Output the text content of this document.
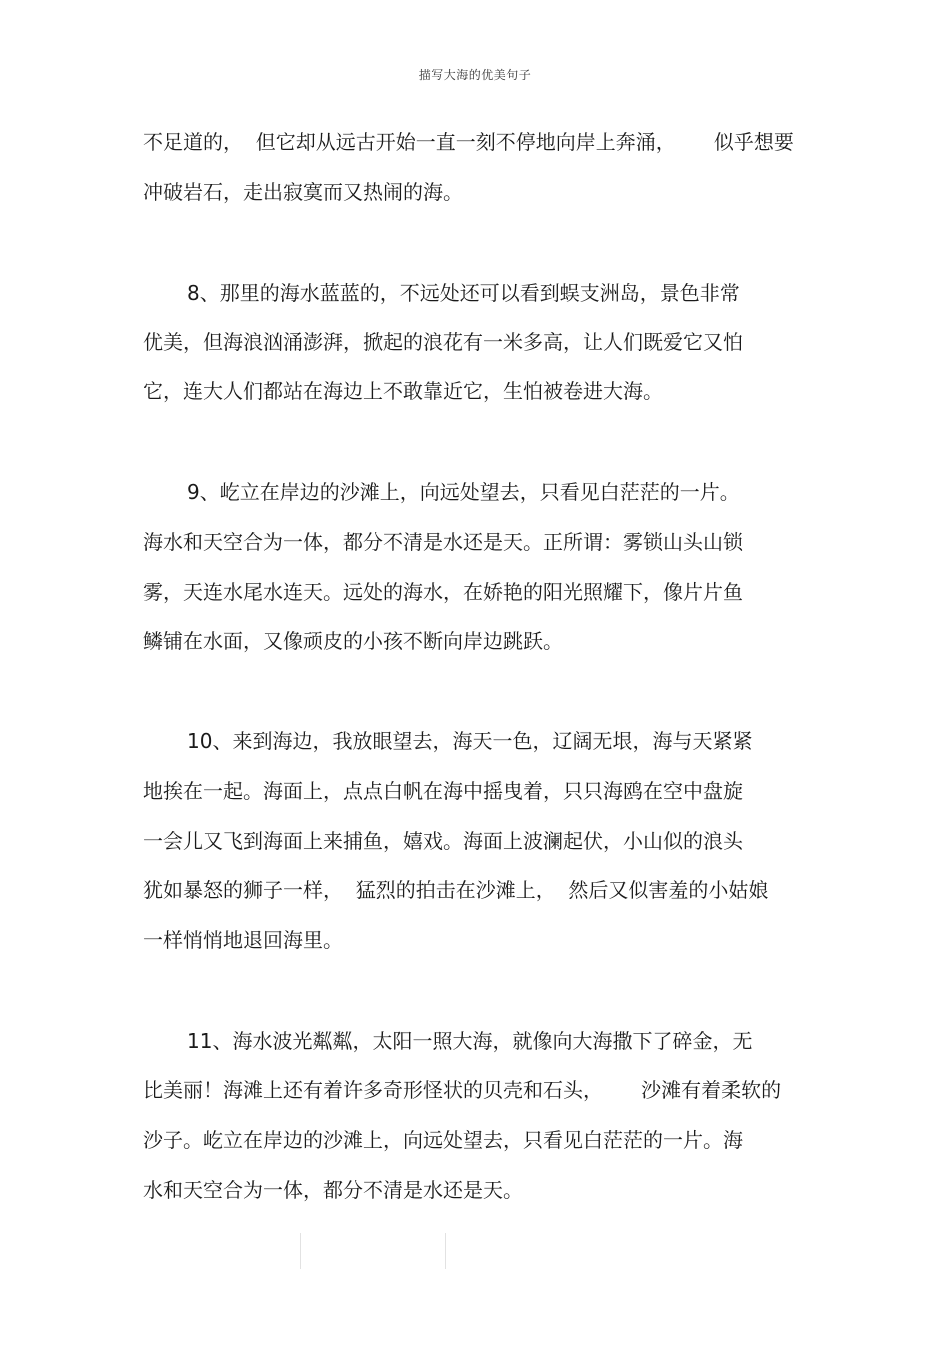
描写大海的优美句子
不足道的，  但它却从远古开始一直一刻不停地向岸上奔涌，      似乎想要
冲破岩石，走出寂寞而又热闹的海。
8、那里的海水蓝蓝的，不远处还可以看到蜈支洲岛，景色非常
优美，但海浪汹涌澎湃，掀起的浪花有一米多高，让人们既爱它又怕
它，连大人们都站在海边上不敢靠近它，生怕被卷进大海。
9、屹立在岸边的沙滩上，向远处望去，只看见白茫茫的一片。
海水和天空合为一体，都分不清是水还是天。正所谓：雾锁山头山锁
雾，天连水尾水连天。远处的海水，在娇艳的阳光照耀下，像片片鱼
鳞铺在水面，又像顽皮的小孩不断向岸边跳跃。
10、来到海边，我放眼望去，海天一色，辽阔无垠，海与天紧紧
地挨在一起。海面上，点点白帆在海中摇曳着，只只海鸥在空中盘旋
一会儿又飞到海面上来捕鱼，嬉戏。海面上波澜起伏，小山似的浪头
犹如暴怒的狮子一样，  猛烈的拍击在沙滩上，  然后又似害羞的小姑娘
一样悄悄地退回海里。
11、海水波光粼粼，太阳一照大海，就像向大海撒下了碎金，无
比美丽！海滩上还有着许多奇形怪状的贝壳和石头，      沙滩有着柔软的
沙子。屹立在岸边的沙滩上，向远处望去，只看见白茫茫的一片。海
水和天空合为一体，都分不清是水还是天。
